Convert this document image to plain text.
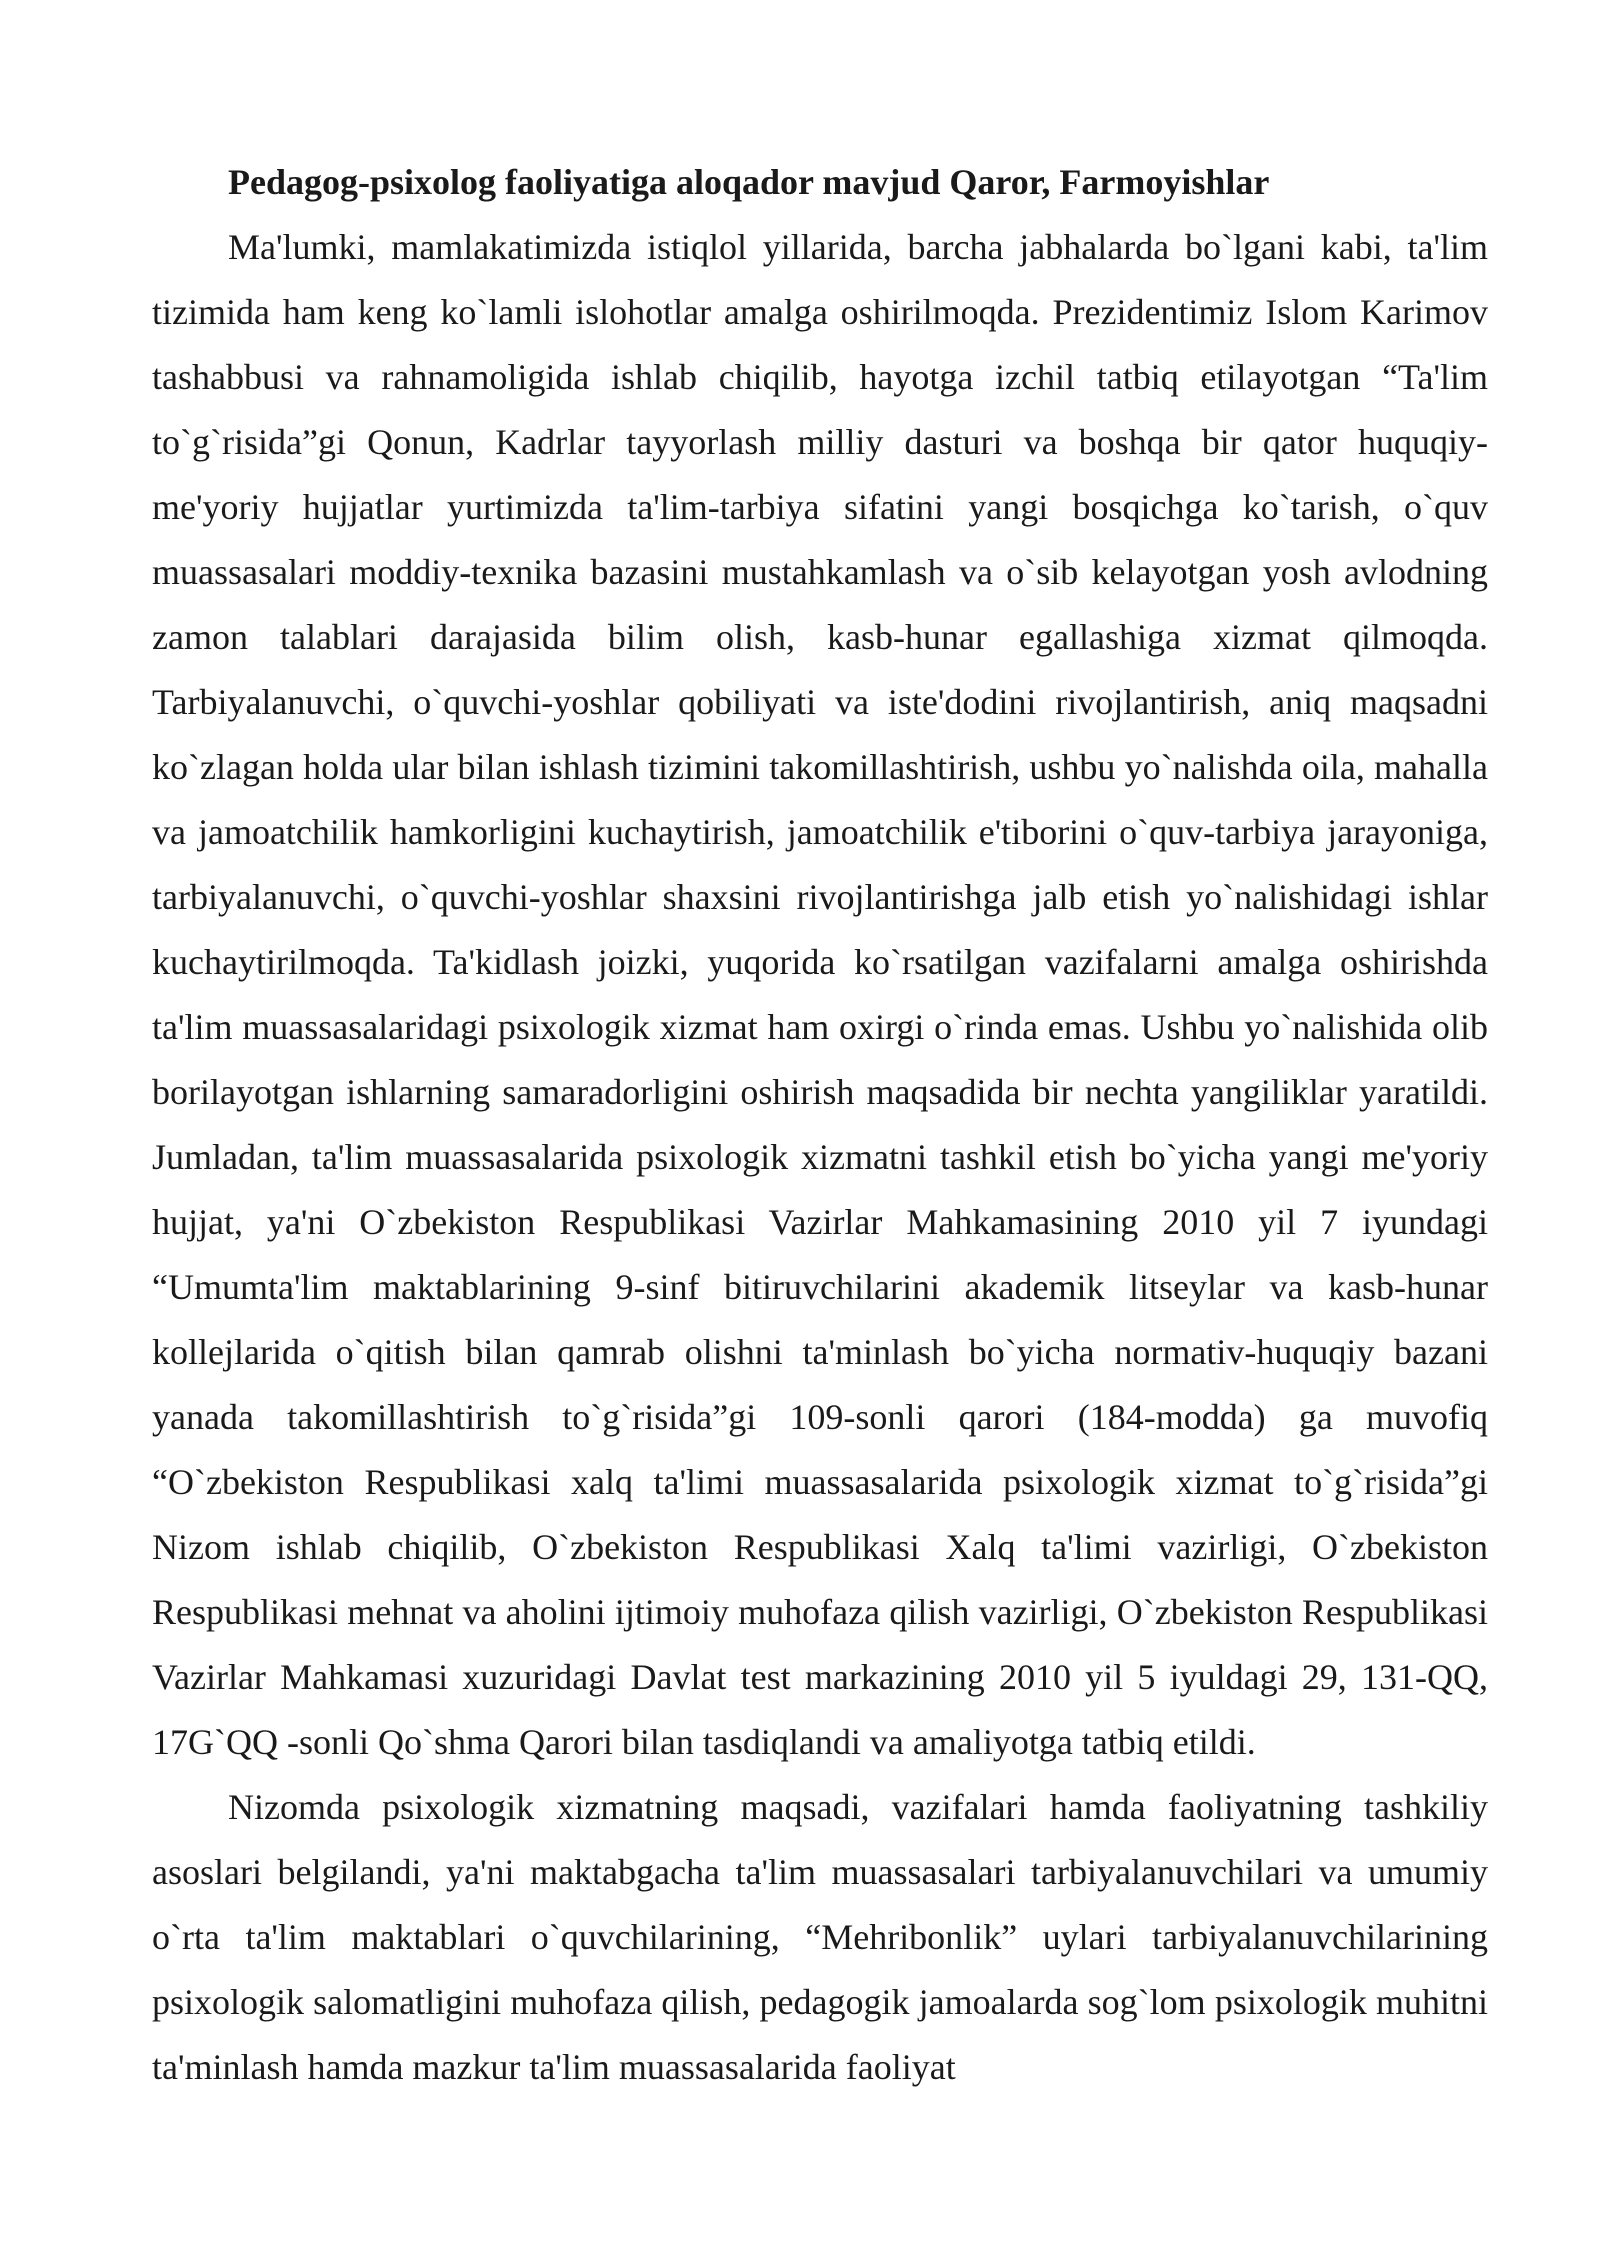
Pedagog-psixolog faoliyatiga aloqador mavjud Qaror, Farmoyishlar

Ma'lumki, mamlakatimizda istiqlol yillarida, barcha jabhalarda bo`lgani kabi, ta'lim tizimida ham keng ko`lamli islohotlar amalga oshirilmoqda. Prezidentimiz Islom Karimov tashabbusi va rahnamoligida ishlab chiqilib, hayotga izchil tatbiq etilayotgan “Ta'lim to`g`risida”gi Qonun, Kadrlar tayyorlash milliy dasturi va boshqa bir qator huquqiy-me'yoriy hujjatlar yurtimizda ta'lim-tarbiya sifatini yangi bosqichga ko`tarish, o`quv muassasalari moddiy-texnika bazasini mustahkamlash va o`sib kelayotgan yosh avlodning zamon talablari darajasida bilim olish, kasb-hunar egallashiga xizmat qilmoqda. Tarbiyalanuvchi, o`quvchi-yoshlar qobiliyati va iste'dodini rivojlantirish, aniq maqsadni ko`zlagan holda ular bilan ishlash tizimini takomillashtirish, ushbu yo`nalishda oila, mahalla va jamoatchilik hamkorligini kuchaytirish, jamoatchilik e'tiborini o`quv-tarbiya jarayoniga, tarbiyalanuvchi, o`quvchi-yoshlar shaxsini rivojlantirishga jalb etish yo`nalishidagi ishlar kuchaytirilmoqda. Ta'kidlash joizki, yuqorida ko`rsatilgan vazifalarni amalga oshirishda ta'lim muassasalaridagi psixologik xizmat ham oxirgi o`rinda emas. Ushbu yo`nalishida olib borilayotgan ishlarning samaradorligini oshirish maqsadida bir nechta yangiliklar yaratildi. Jumladan, ta'lim muassasalarida psixologik xizmatni tashkil etish bo`yicha yangi me'yoriy hujjat, ya'ni O`zbekiston Respublikasi Vazirlar Mahkamasining 2010 yil 7 iyundagi “Umumta'lim maktablarining 9-sinf bitiruvchilarini akademik litseylar va kasb-hunar kollejlarida o`qitish bilan qamrab olishni ta'minlash bo`yicha normativ-huquqiy bazani yanada takomillashtirish to`g`risida”gi 109-sonli qarori (184-modda) ga muvofiq “O`zbekiston Respublikasi xalq ta'limi muassasalarida psixologik xizmat to`g`risida”gi Nizom ishlab chiqilib, O`zbekiston Respublikasi Xalq ta'limi vazirligi, O`zbekiston Respublikasi mehnat va aholini ijtimoiy muhofaza qilish vazirligi, O`zbekiston Respublikasi Vazirlar Mahkamasi xuzuridagi Davlat test markazining 2010 yil 5 iyuldagi 29, 131-QQ, 17G`QQ -sonli Qo`shma Qarori bilan tasdiqlandi va amaliyotga tatbiq etildi.

Nizomda psixologik xizmatning maqsadi, vazifalari hamda faoliyatning tashkiliy asoslari belgilandi, ya'ni maktabgacha ta'lim muassasalari tarbiyalanuvchilari va umumiy o`rta ta'lim maktablari o`quvchilarining, “Mehribonlik” uylari tarbiyalanuvchilarining psixologik salomatligini muhofaza qilish, pedagogik jamoalarda sog`lom psixologik muhitni ta'minlash hamda mazkur ta'lim muassasalarida faoliyat
